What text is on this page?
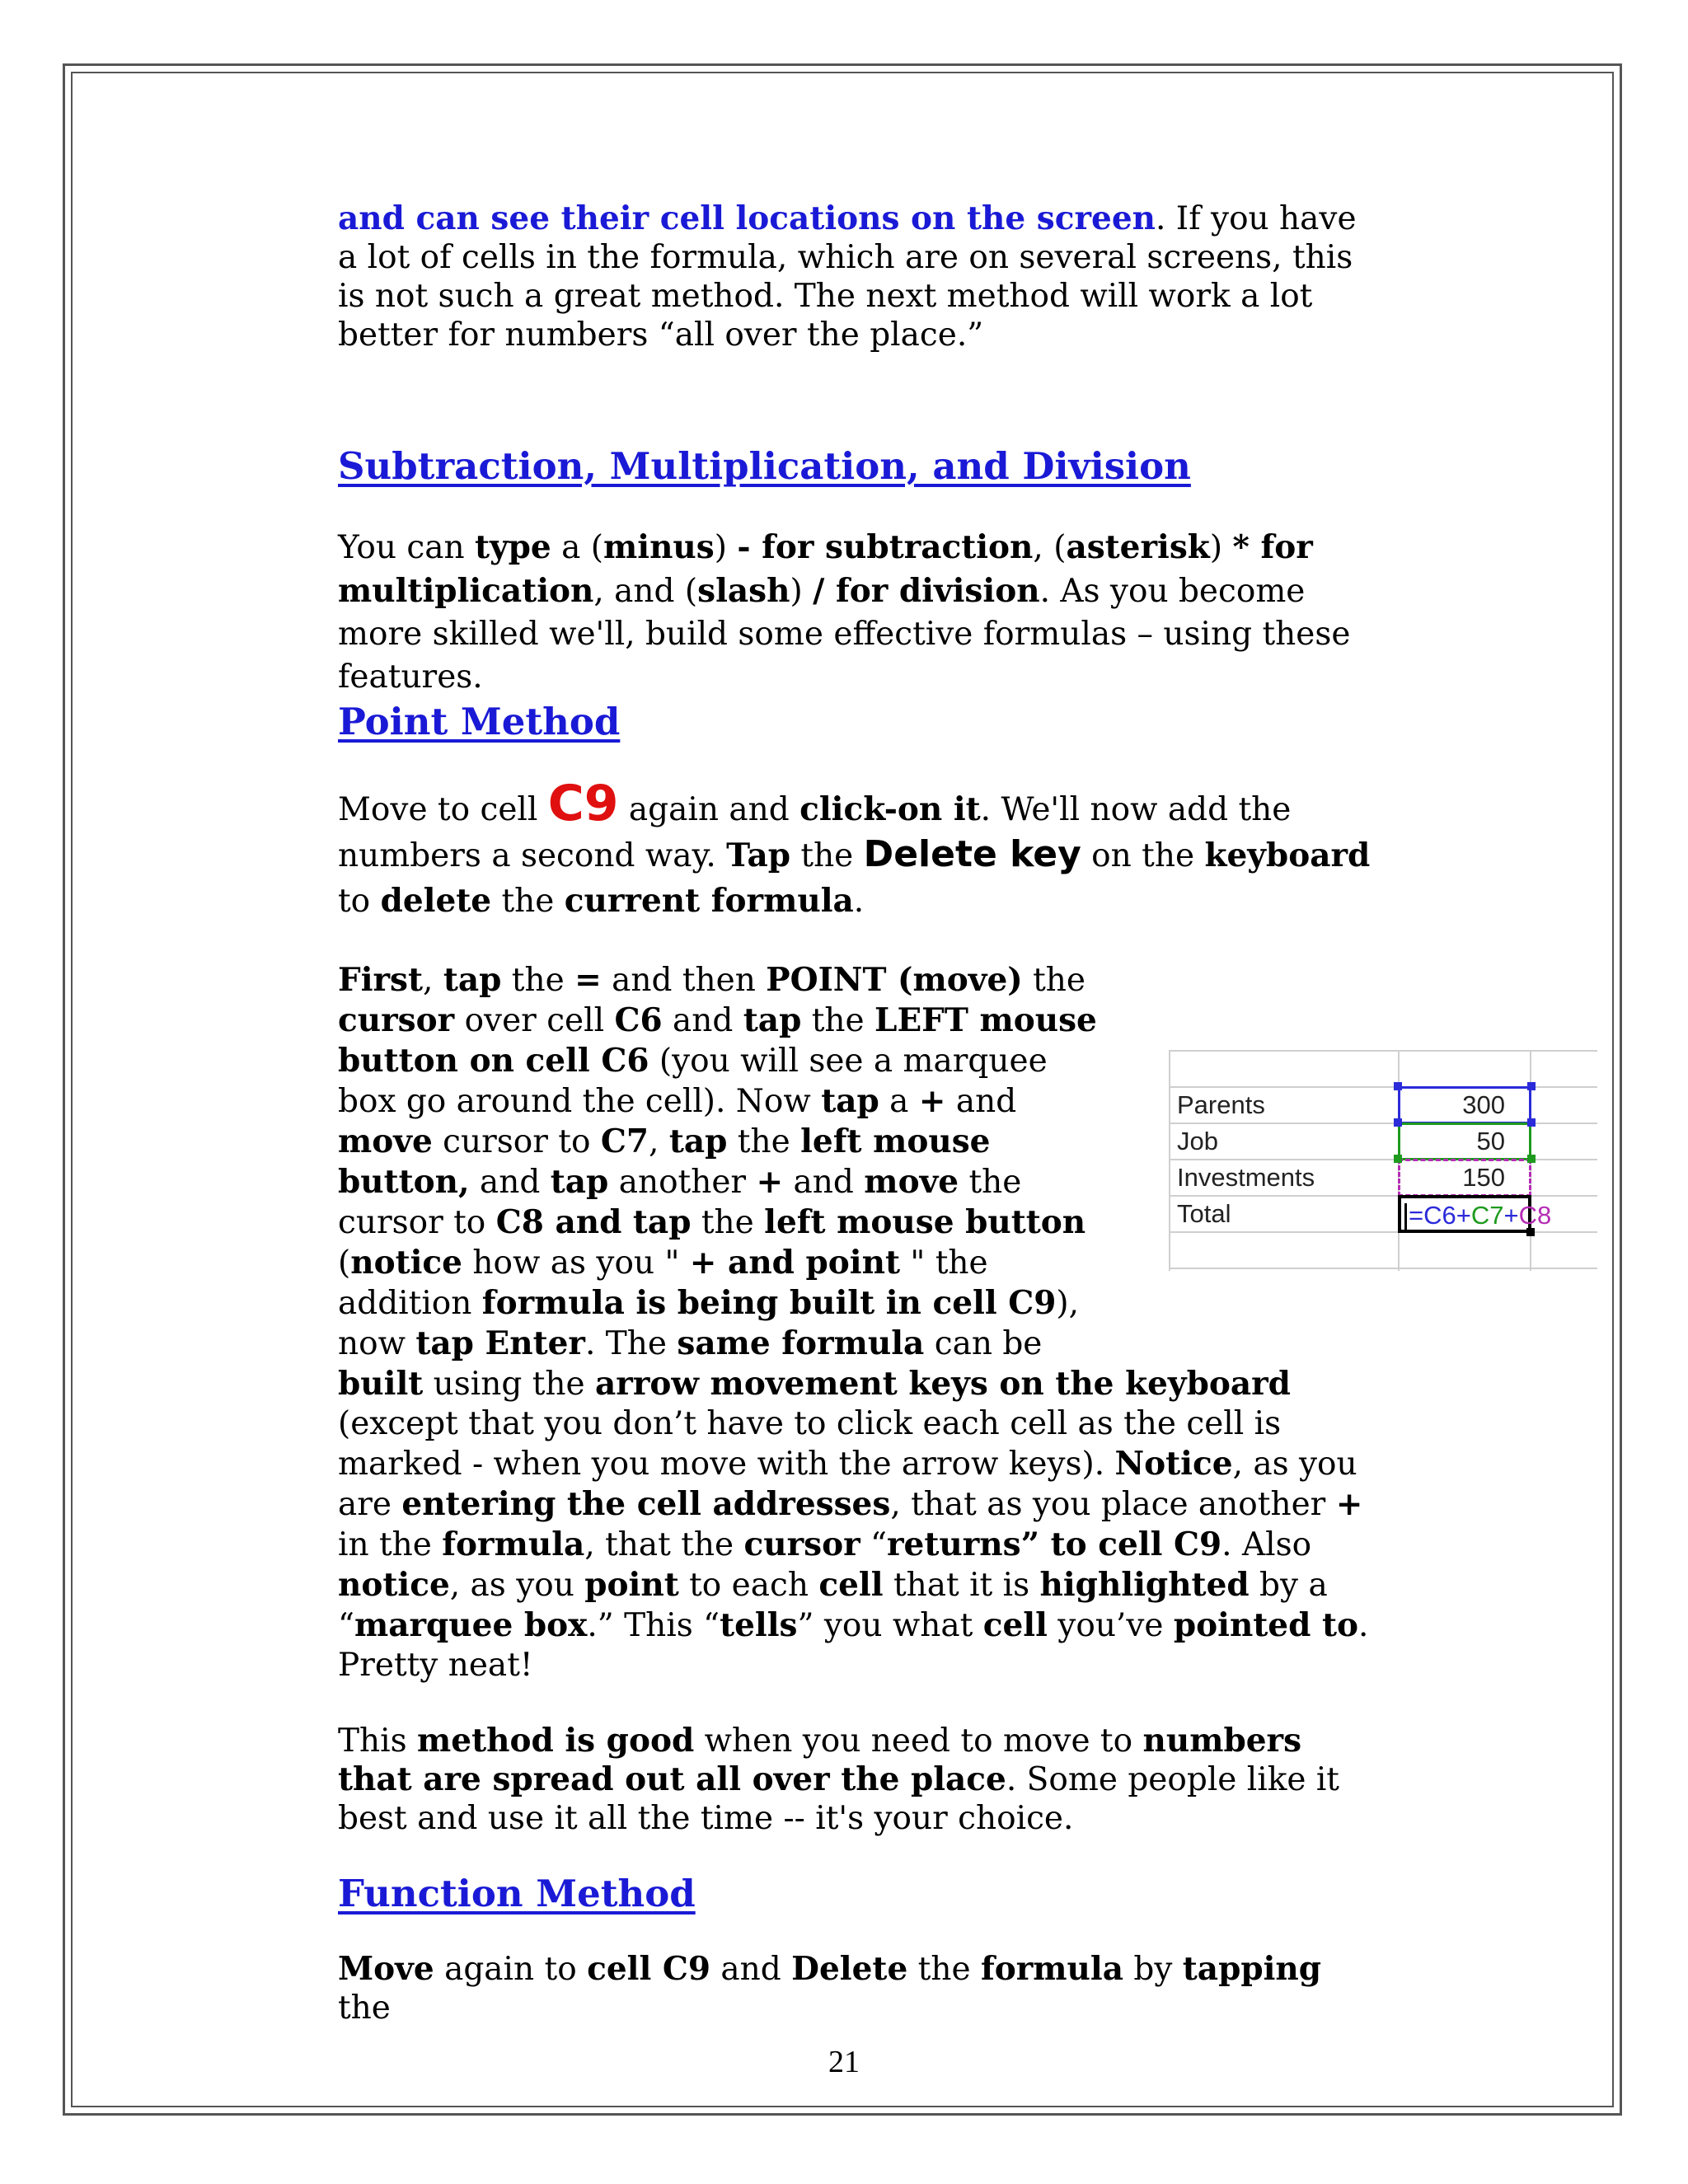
and can see their cell locations on the screen. If you have a lot of cells in the formula, which are on several screens, this is not such a great method. The next method will work a lot better for numbers “all over the place.”

Subtraction, Multiplication, and Division

You can type a (minus) - for subtraction, (asterisk) * for multiplication, and (slash) / for division. As you become more skilled we'll, build some effective formulas – using these features.

Point Method

Move to cell C9 again and click-on it. We'll now add the numbers a second way. Tap the Delete key on the keyboard to delete the current formula.

First, tap the = and then POINT (move) the cursor over cell C6 and tap the LEFT mouse button on cell C6 (you will see a marquee box go around the cell). Now tap a + and move cursor to C7, tap the left mouse button, and tap another + and move the cursor to C8 and tap the left mouse button (notice how as you " + and point " the addition formula is being built in cell C9), now tap Enter. The same formula can be

built using the arrow movement keys on the keyboard (except that you don’t have to click each cell as the cell is marked - when you move with the arrow keys). Notice, as you are entering the cell addresses, that as you place another + in the formula, that the cursor “returns” to cell C9. Also notice, as you point to each cell that it is highlighted by a “marquee box.” This “tells” you what cell you’ve pointed to. Pretty neat!

This method is good when you need to move to numbers that are spread out all over the place. Some people like it best and use it all the time -- it's your choice.

Function Method

Move again to cell C9 and Delete the formula by tapping the

Parents
Job
Investments
Total
300
50
150
=C6+C7+C8
21
